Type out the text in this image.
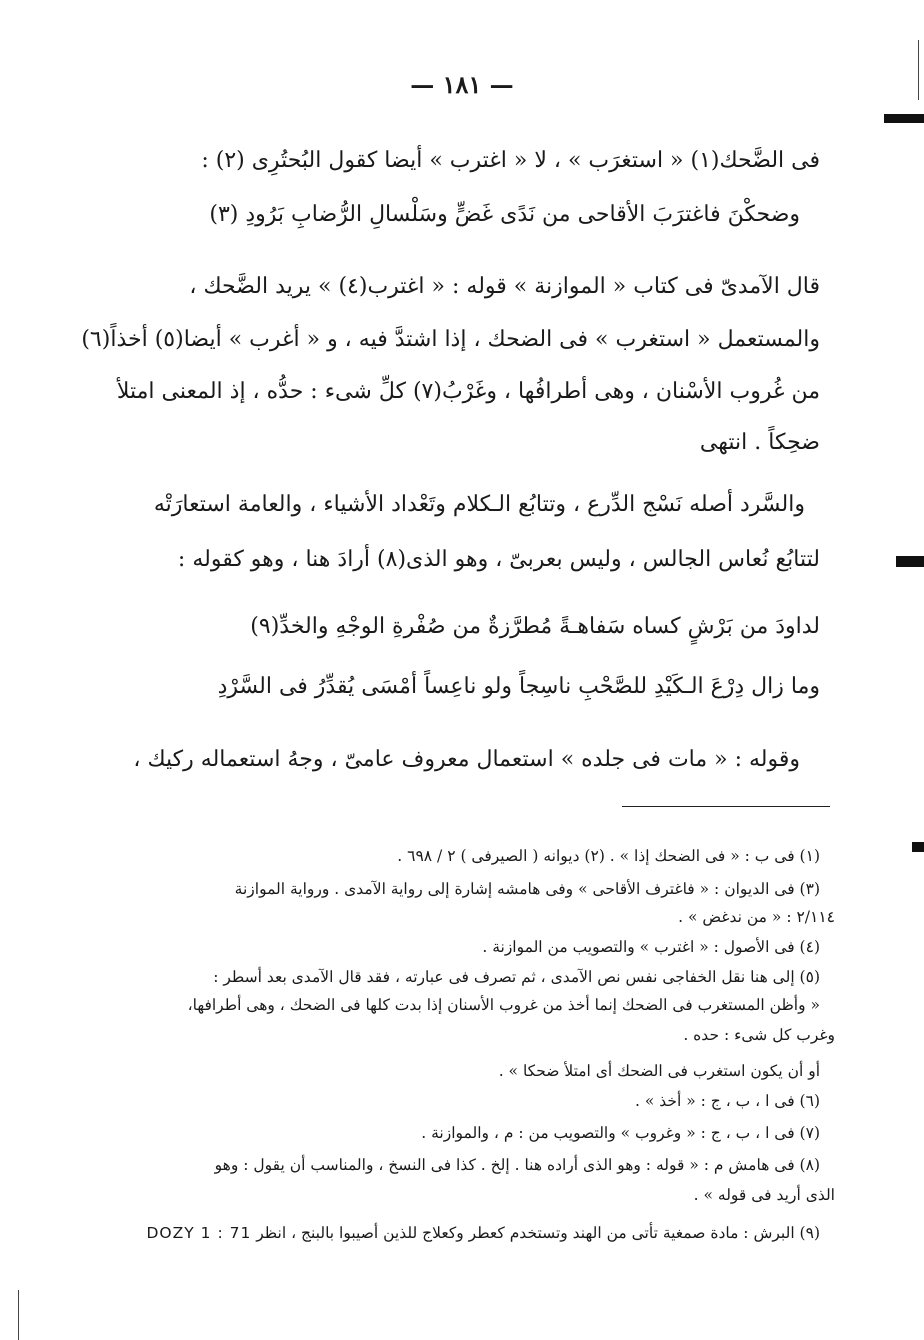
— ١٨١ —
فى الضَّحك(١) « استغرَب » ، لا « اغترب » أيضا كقول البُحتُرِى (٢) :
وضحكْنَ فاغترَبَ الأقاحى من نَدًى غَضٍّ وسَلْسالِ الرُّضابِ بَرُودِ (٣)
قال الآمدىّ فى كتاب « الموازنة » قوله : « اغترب(٤) » يريد الضَّحك ،
والمستعمل « استغرب » فى الضحك ، إذا اشتدَّ فيه ، و « أغرب » أيضا(٥) أخذاً(٦)
من غُروب الأسْنان ، وهى أطرافُها ، وغَرْبُ(٧) كلِّ شىء : حدُّه ، إذ المعنى امتلأ
ضحِكاً . انتهى
والسَّرد أصله نَسْج الدِّرع ، وتتابُع الـكلام وتَعْداد الأشياء ، والعامة استعارَتْه
لتتابُع نُعاس الجالس ، وليس بعربىّ ، وهو الذى(٨) أرادَ هنا ، وهو كقوله :
لداودَ من بَرْشٍ كساه سَفاهـةً مُطرَّزةٌ من صُفْرةِ الوجْهِ والخدِّ(٩)
وما زال دِرْعَ الـكَيْدِ للصَّحْبِ ناسِجاً ولو ناعِساً أمْسَى يُقدِّرُ فى السَّرْدِ
وقوله : « مات فى جلده » استعمال معروف عامىّ ، وجهُ استعماله ركيك ،
(١) فى ب : « فى الضحك إذا » . (٢) ديوانه ( الصيرفى ) ٢ / ٦٩٨ .
(٣) فى الديوان : « فاغترف الأقاحى » وفى هامشه إشارة إلى رواية الآمدى . ورواية الموازنة
٢/١١٤ : « من ندغض » .
(٤) فى الأصول : « اغترب » والتصويب من الموازنة .
(٥) إلى هنا نقل الخفاجى نفس نص الآمدى ، ثم تصرف فى عبارته ، فقد قال الآمدى بعد أسطر :
« وأظن المستغرب فى الضحك إنما أخذ من غروب الأسنان إذا بدت كلها فى الضحك ، وهى أطرافها،
وغرب كل شىء : حده .
أو أن يكون استغرب فى الضحك أى امتلأ ضحكا » .
(٦) فى ا ، ب ، ج : « أخذ » .
(٧) فى ا ، ب ، ج : « وغروب » والتصويب من : م ، والموازنة .
(٨) فى هامش م : « قوله : وهو الذى أراده هنا . إلخ . كذا فى النسخ ، والمناسب أن يقول : وهو
الذى أريد فى قوله » .
(٩) البرش : مادة صمغية تأتى من الهند وتستخدم كعطر وكعلاج للذين أصيبوا بالبنج ، انظر DOZY 1 : 71
